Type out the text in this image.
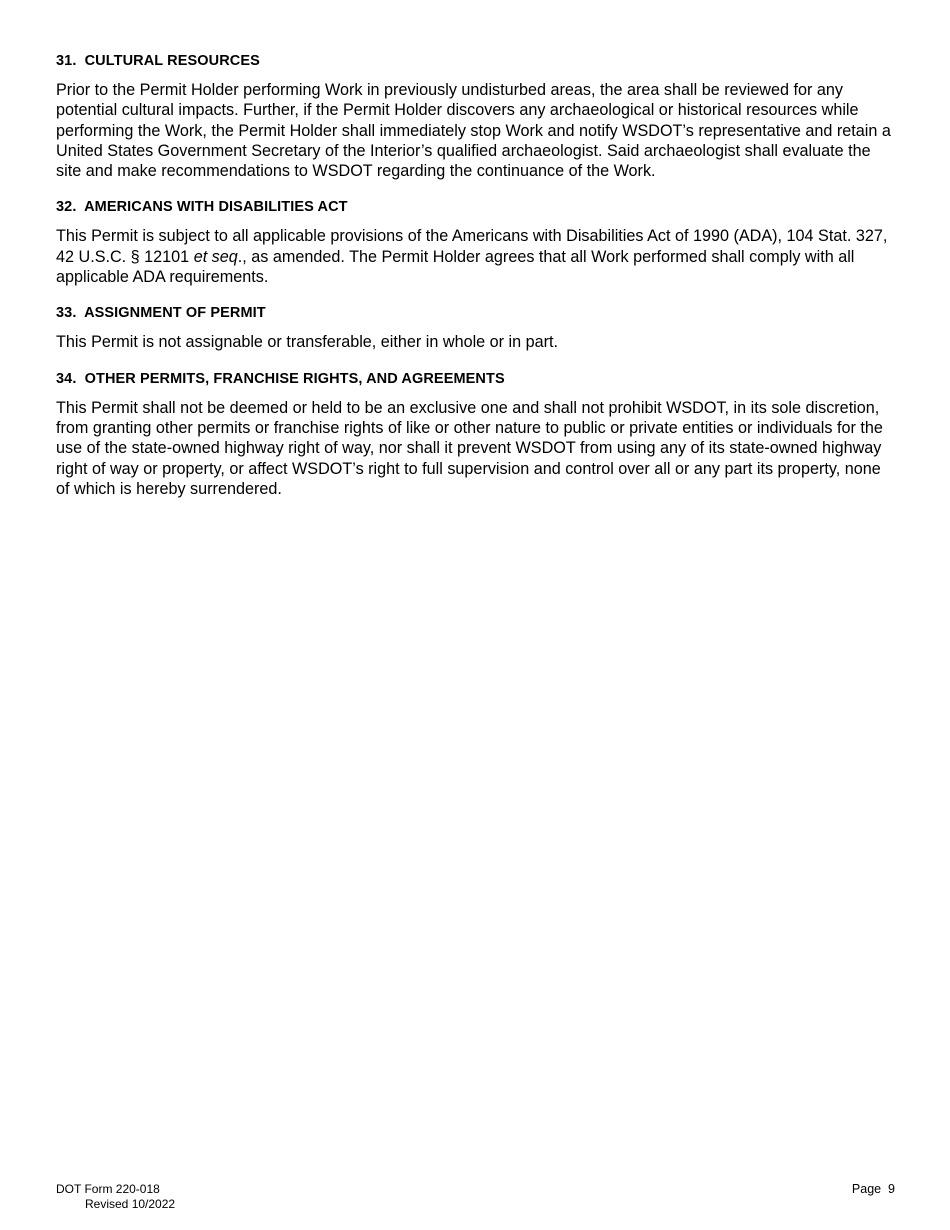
31. CULTURAL RESOURCES

Prior to the Permit Holder performing Work in previously undisturbed areas, the area shall be reviewed for any potential cultural impacts. Further, if the Permit Holder discovers any archaeological or historical resources while performing the Work, the Permit Holder shall immediately stop Work and notify WSDOT’s representative and retain a United States Government Secretary of the Interior’s qualified archaeologist. Said archaeologist shall evaluate the site and make recommendations to WSDOT regarding the continuance of the Work.

32. AMERICANS WITH DISABILITIES ACT

This Permit is subject to all applicable provisions of the Americans with Disabilities Act of 1990 (ADA), 104 Stat. 327, 42 U.S.C. § 12101 et seq., as amended. The Permit Holder agrees that all Work performed shall comply with all applicable ADA requirements.

33. ASSIGNMENT OF PERMIT

This Permit is not assignable or transferable, either in whole or in part.

34. OTHER PERMITS, FRANCHISE RIGHTS, AND AGREEMENTS

This Permit shall not be deemed or held to be an exclusive one and shall not prohibit WSDOT, in its sole discretion, from granting other permits or franchise rights of like or other nature to public or private entities or individuals for the use of the state-owned highway right of way, nor shall it prevent WSDOT from using any of its state-owned highway right of way or property, or affect WSDOT’s right to full supervision and control over all or any part its property, none of which is hereby surrendered.

DOT Form 220-018
Revised 10/2022
Page  9
